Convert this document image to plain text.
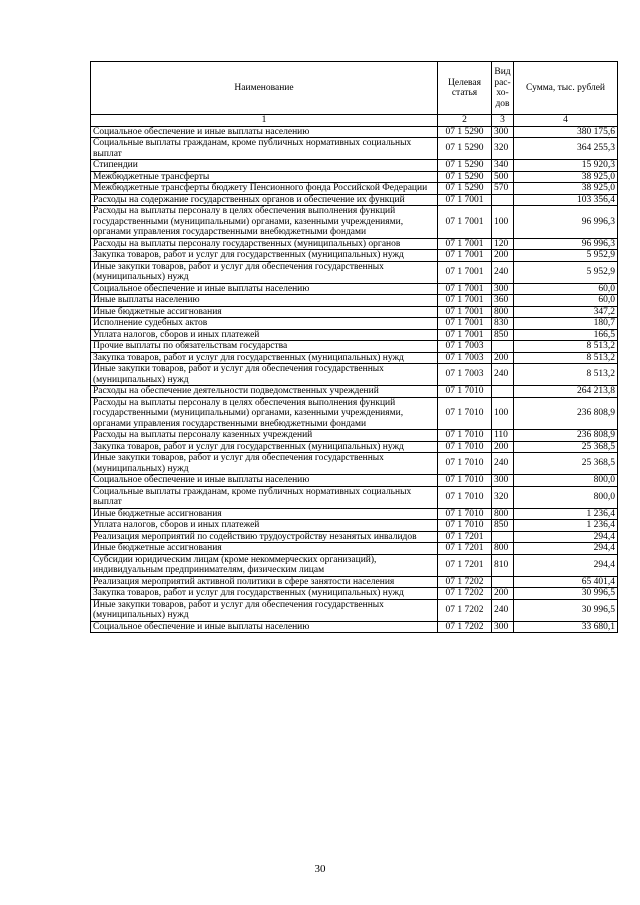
Наименование	Целевая статья	Вид рас- хо- дов	Сумма, тыс. рублей
1	2	3	4
Социальное обеспечение и иные выплаты населению	07 1 5290	300	380 175,6
Социальные выплаты гражданам, кроме публичных нормативных социальных выплат	07 1 5290	320	364 255,3
Стипендии	07 1 5290	340	15 920,3
Межбюджетные трансферты	07 1 5290	500	38 925,0
Межбюджетные трансферты бюджету Пенсионного фонда Российской Федерации	07 1 5290	570	38 925,0
Расходы на содержание государственных органов и обеспечение их функций	07 1 7001		103 356,4
Расходы на выплаты персоналу в целях обеспечения выполнения функций государственными (муниципальными) органами, казенными учреждениями, органами управления государственными внебюджетными фондами	07 1 7001	100	96 996,3
Расходы на выплаты персоналу государственных (муниципальных) органов	07 1 7001	120	96 996,3
Закупка товаров, работ и услуг для государственных (муниципальных) нужд	07 1 7001	200	5 952,9
Иные закупки товаров, работ и услуг для обеспечения государственных (муниципальных) нужд	07 1 7001	240	5 952,9
Социальное обеспечение и иные выплаты населению	07 1 7001	300	60,0
Иные выплаты населению	07 1 7001	360	60,0
Иные бюджетные ассигнования	07 1 7001	800	347,2
Исполнение судебных актов	07 1 7001	830	180,7
Уплата налогов, сборов и иных платежей	07 1 7001	850	166,5
Прочие выплаты по обязательствам государства	07 1 7003		8 513,2
Закупка товаров, работ и услуг для государственных (муниципальных) нужд	07 1 7003	200	8 513,2
Иные закупки товаров, работ и услуг для обеспечения государственных (муниципальных) нужд	07 1 7003	240	8 513,2
Расходы на обеспечение деятельности подведомственных учреждений	07 1 7010		264 213,8
Расходы на выплаты персоналу в целях обеспечения выполнения функций государственными (муниципальными) органами, казенными учреждениями, органами управления государственными внебюджетными фондами	07 1 7010	100	236 808,9
Расходы на выплаты персоналу казенных учреждений	07 1 7010	110	236 808,9
Закупка товаров, работ и услуг для государственных (муниципальных) нужд	07 1 7010	200	25 368,5
Иные закупки товаров, работ и услуг для обеспечения государственных (муниципальных) нужд	07 1 7010	240	25 368,5
Социальное обеспечение и иные выплаты населению	07 1 7010	300	800,0
Социальные выплаты гражданам, кроме публичных нормативных социальных выплат	07 1 7010	320	800,0
Иные бюджетные ассигнования	07 1 7010	800	1 236,4
Уплата налогов, сборов и иных платежей	07 1 7010	850	1 236,4
Реализация мероприятий по содействию трудоустройству незанятых инвалидов	07 1 7201		294,4
Иные бюджетные ассигнования	07 1 7201	800	294,4
Субсидии юридическим лицам (кроме некоммерческих организаций), индивидуальным предпринимателям, физическим лицам	07 1 7201	810	294,4
Реализация мероприятий активной политики в сфере занятости населения	07 1 7202		65 401,4
Закупка товаров, работ и услуг для государственных (муниципальных) нужд	07 1 7202	200	30 996,5
Иные закупки товаров, работ и услуг для обеспечения государственных (муниципальных) нужд	07 1 7202	240	30 996,5
Социальное обеспечение и иные выплаты населению	07 1 7202	300	33 680,1
30
